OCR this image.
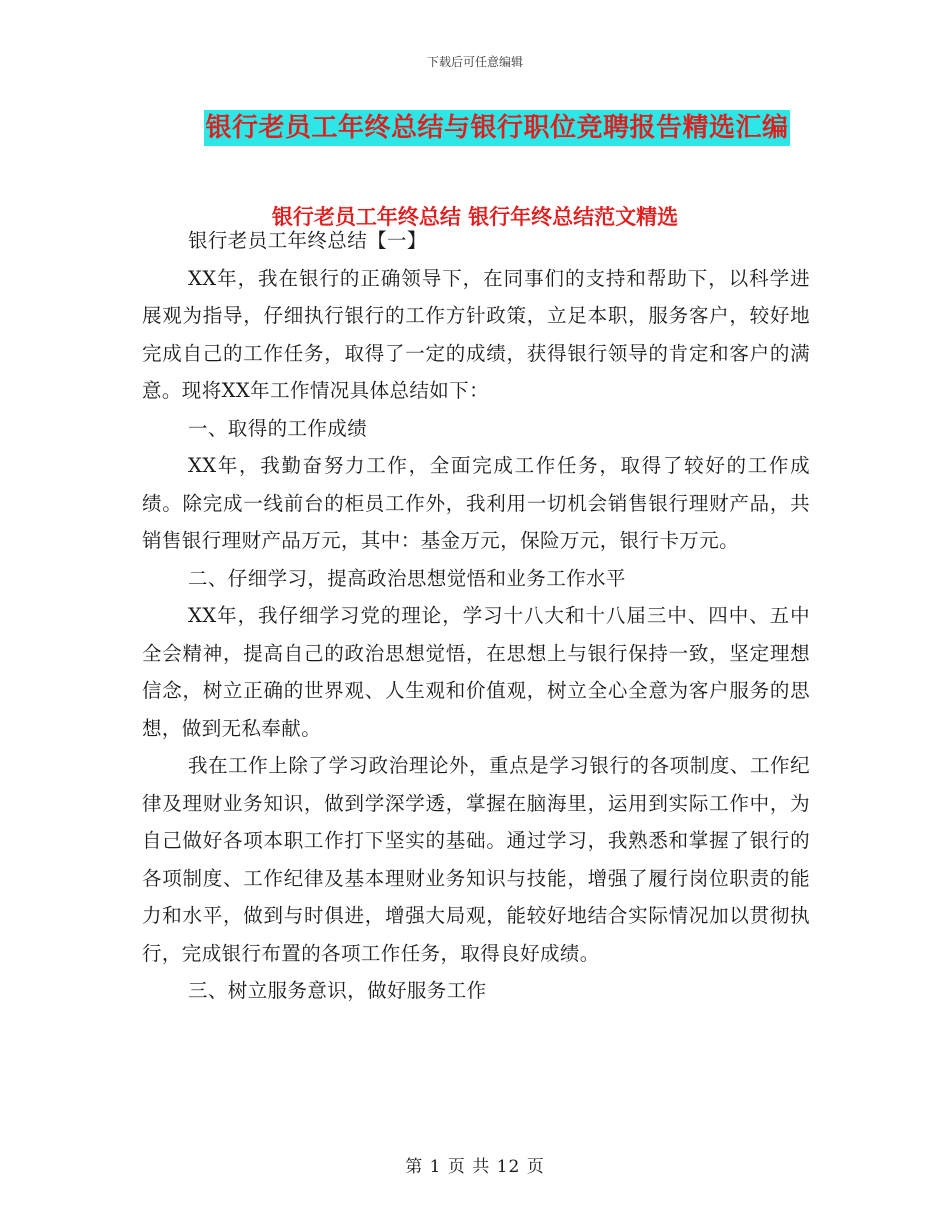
下载后可任意编辑
银行老员工年终总结与银行职位竞聘报告精选汇编
银行老员工年终总结 银行年终总结范文精选

银行老员工年终总结【一】

XX年，我在银行的正确领导下，在同事们的支持和帮助下，以科学进展观为指导，仔细执行银行的工作方针政策，立足本职，服务客户，较好地完成自己的工作任务，取得了一定的成绩，获得银行领导的肯定和客户的满意。现将XX年工作情况具体总结如下：

一、取得的工作成绩

XX年，我勤奋努力工作，全面完成工作任务，取得了较好的工作成绩。除完成一线前台的柜员工作外，我利用一切机会销售银行理财产品，共销售银行理财产品万元，其中：基金万元，保险万元，银行卡万元。

二、仔细学习，提高政治思想觉悟和业务工作水平

XX年，我仔细学习党的理论，学习十八大和十八届三中、四中、五中全会精神，提高自己的政治思想觉悟，在思想上与银行保持一致，坚定理想信念，树立正确的世界观、人生观和价值观，树立全心全意为客户服务的思想，做到无私奉献。

我在工作上除了学习政治理论外，重点是学习银行的各项制度、工作纪律及理财业务知识，做到学深学透，掌握在脑海里，运用到实际工作中，为自己做好各项本职工作打下坚实的基础。通过学习，我熟悉和掌握了银行的各项制度、工作纪律及基本理财业务知识与技能，增强了履行岗位职责的能力和水平，做到与时俱进，增强大局观，能较好地结合实际情况加以贯彻执行，完成银行布置的各项工作任务，取得良好成绩。

三、树立服务意识，做好服务工作

第 1 页 共 12 页
